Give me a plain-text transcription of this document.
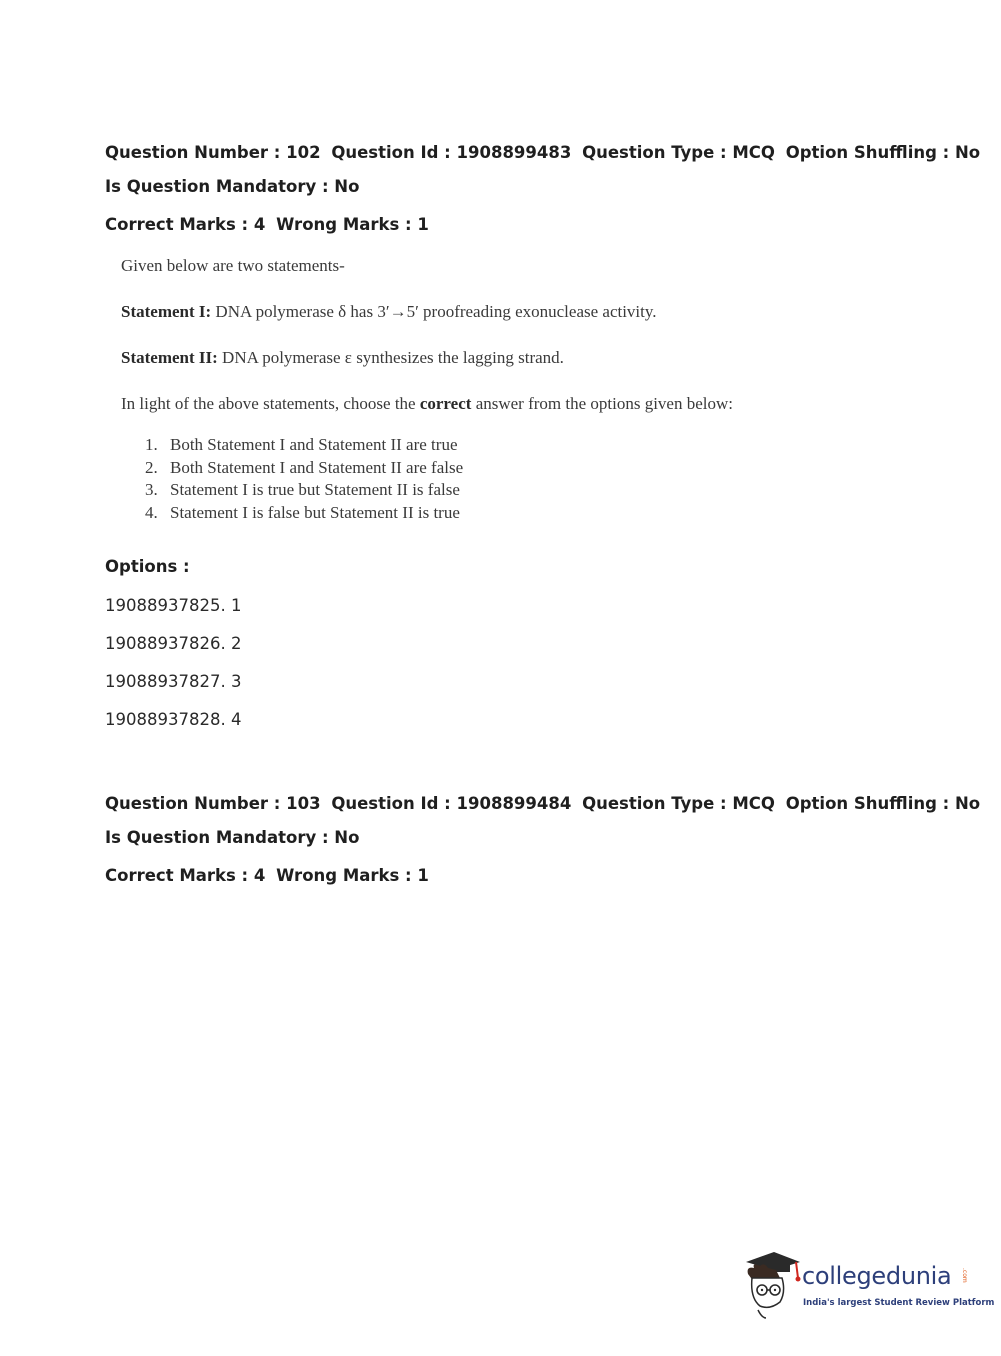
Question Number : 102 Question Id : 1908899483 Question Type : MCQ Option Shuffling : No
Is Question Mandatory : No
Correct Marks : 4 Wrong Marks : 1
Given below are two statements-
Statement I: DNA polymerase δ has 3′→5′ proofreading exonuclease activity.
Statement II: DNA polymerase ε synthesizes the lagging strand.
In light of the above statements, choose the correct answer from the options given below:
1. Both Statement I and Statement II are true
2. Both Statement I and Statement II are false
3. Statement I is true but Statement II is false
4. Statement I is false but Statement II is true
Options :
19088937825. 1
19088937826. 2
19088937827. 3
19088937828. 4
Question Number : 103 Question Id : 1908899484 Question Type : MCQ Option Shuffling : No
Is Question Mandatory : No
Correct Marks : 4 Wrong Marks : 1
collegedunia .com
India's largest Student Review Platform
